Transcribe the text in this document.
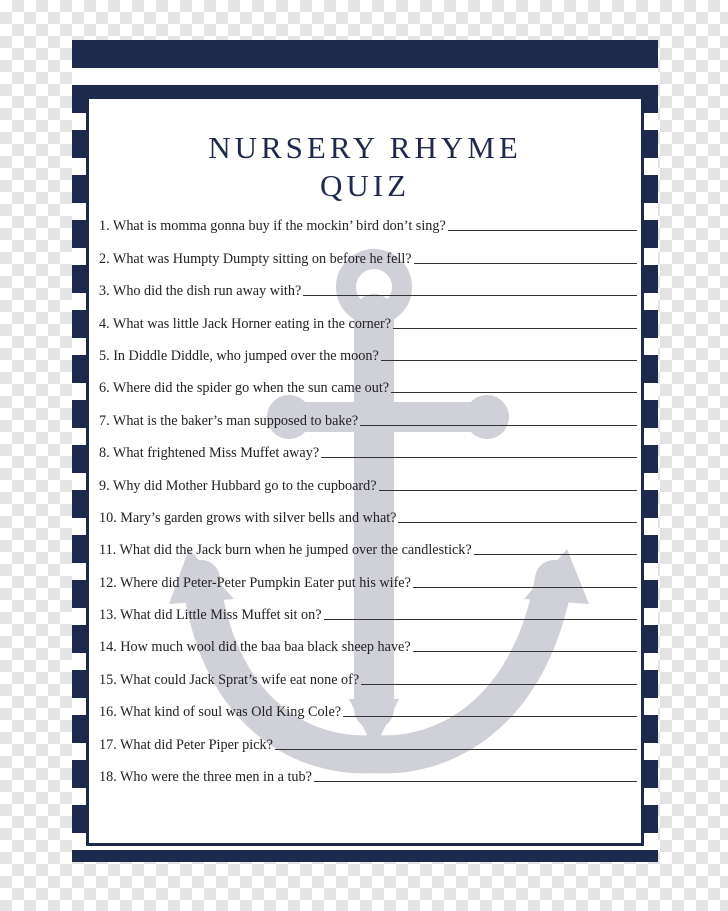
NURSERY RHYME
QUIZ
1. What is momma gonna buy if the mockin’ bird don’t sing?
2. What was Humpty Dumpty sitting on before he fell?
3. Who did the dish run away with?
4. What was little Jack Horner eating in the corner?
5. In Diddle Diddle, who jumped over the moon?
6. Where did the spider go when the sun came out?
7. What is the baker’s man supposed to bake?
8. What frightened Miss Muffet away?
9. Why did Mother Hubbard go to the cupboard?
10. Mary’s garden grows with silver bells and what?
11. What did the Jack burn when he jumped over the candlestick?
12. Where did Peter-Peter Pumpkin Eater put his wife?
13. What did Little Miss Muffet sit on?
14. How much wool did the baa baa black sheep have?
15. What could Jack Sprat’s wife eat none of?
16. What kind of soul was Old King Cole?
17. What did Peter Piper pick?
18. Who were the three men in a tub?
